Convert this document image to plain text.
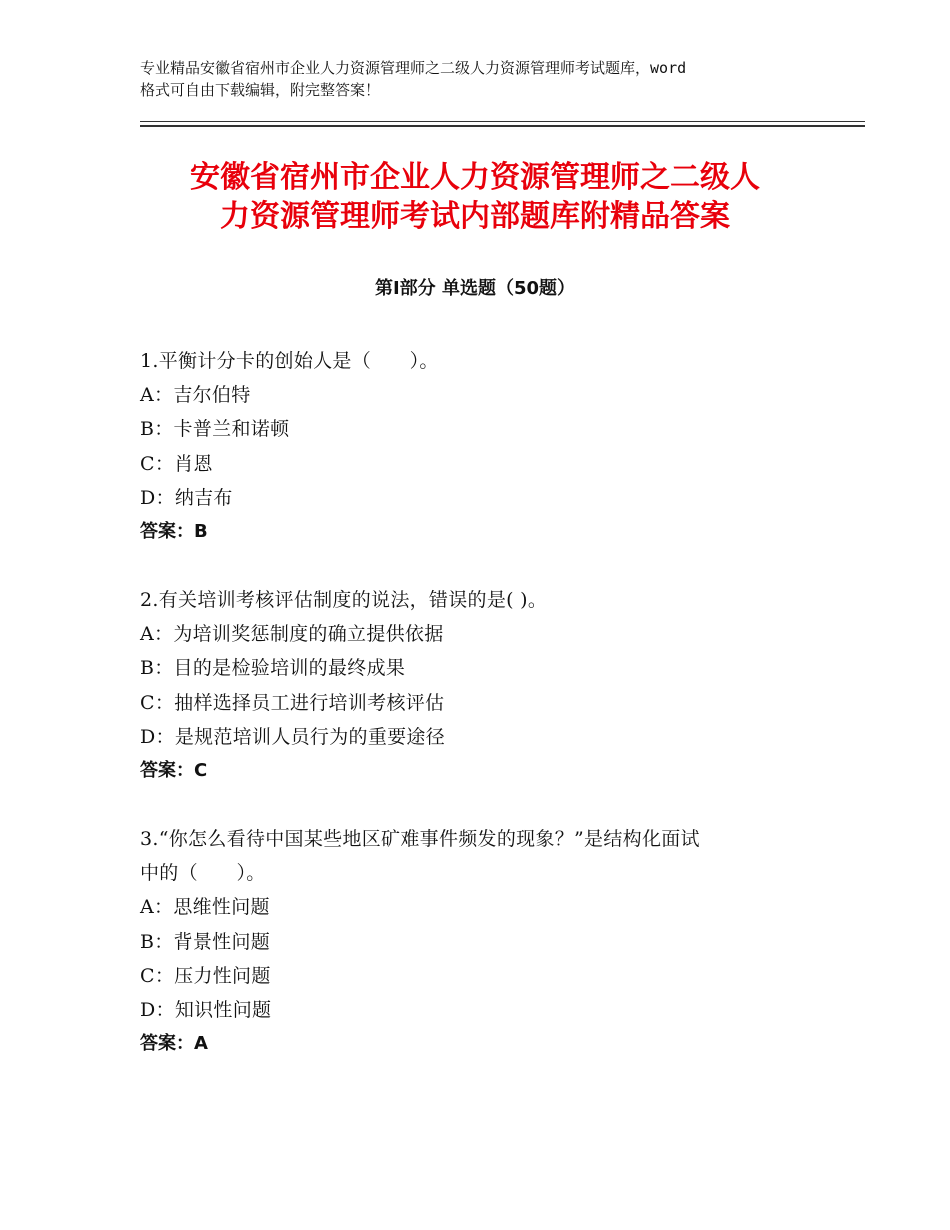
专业精品安徽省宿州市企业人力资源管理师之二级人力资源管理师考试题库，word
格式可自由下载编辑，附完整答案！
安徽省宿州市企业人力资源管理师之二级人
力资源管理师考试内部题库附精品答案
第Ⅰ部分 单选题（50题）
1.平衡计分卡的创始人是（　　）。
A：吉尔伯特
B：卡普兰和诺顿
C：肖恩
D：纳吉布
答案：B
2.有关培训考核评估制度的说法，错误的是( )。
A：为培训奖惩制度的确立提供依据
B：目的是检验培训的最终成果
C：抽样选择员工进行培训考核评估
D：是规范培训人员行为的重要途径
答案：C
3.“你怎么看待中国某些地区矿难事件频发的现象？”是结构化面试
中的（　　）。
A：思维性问题
B：背景性问题
C：压力性问题
D：知识性问题
答案：A
